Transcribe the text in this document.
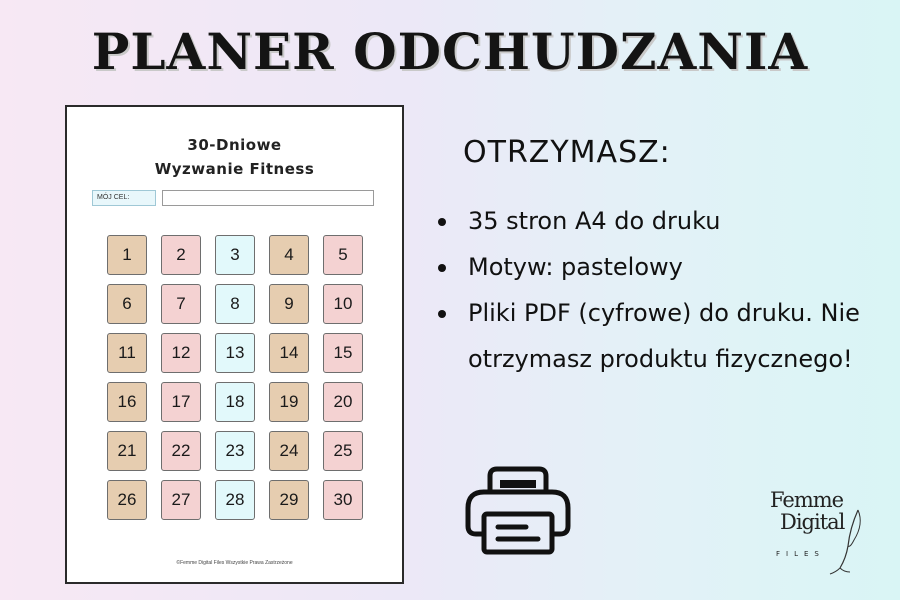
PLANER ODCHUDZANIA
30-Dniowe
Wyzwanie Fitness
MÓJ CEL:
1	2	3	4	5
6	7	8	9	10
11	12	13	14	15
16	17	18	19	20
21	22	23	24	25
26	27	28	29	30
©Femme Digital Files Wszystkie Prawa Zastrzeżone
OTRZYMASZ:
35 stron A4 do druku
Motyw: pastelowy
Pliki PDF (cyfrowe) do druku. Nie otrzymasz produktu fizycznego!
Femme
Digital
FILES
